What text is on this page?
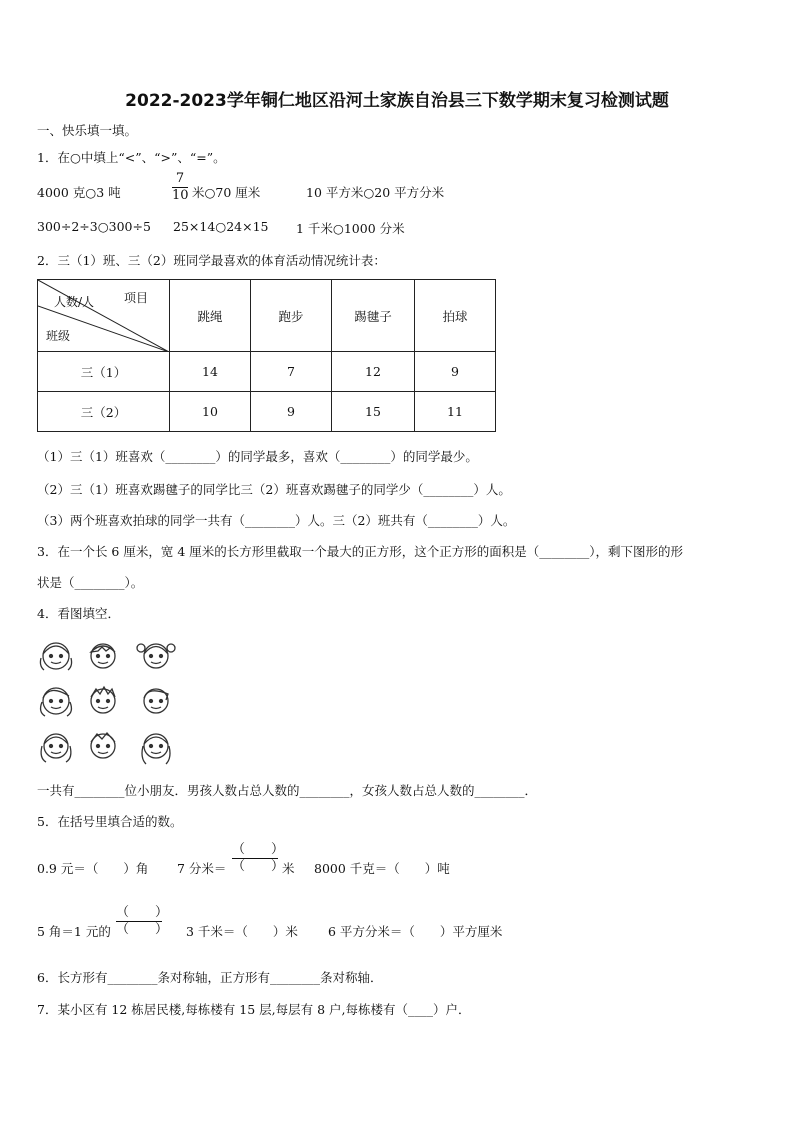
2022-2023学年铜仁地区沿河土家族自治县三下数学期末复习检测试题
一、快乐填一填。
1．在○中填上“<”、“>”、“=”。
4000 克○3 吨
7
10 米○70 厘米	10 平方米○20 平方分米
300÷2÷3○300÷5 25×14○24×15 1 千米○1000 分米
2．三（1）班、三（2）班同学最喜欢的体育活动情况统计表：
人数/人 项目
班级	跳绳	跑步	踢毽子	拍球
三（1）	14	7	12	9
三（2）	10	9	15	11
（1）三（1）班喜欢（________）的同学最多，喜欢（________）的同学最少。
（2）三（1）班喜欢踢毽子的同学比三（2）班喜欢踢毽子的同学少（________）人。
（3）两个班喜欢拍球的同学一共有（________）人。三（2）班共有（________）人。
3．在一个长 6 厘米，宽 4 厘米的长方形里截取一个最大的正方形，这个正方形的面积是（________），剩下图形的形
状是（________）。
4．看图填空．
一共有________位小朋友．男孩人数占总人数的________，女孩人数占总人数的________．
5．在括号里填合适的数。
0.9 元＝（　　）角 7 分米＝
（　　）
（　　）
米 8000 千克＝（　　）吨
5 角＝1 元的
（　　）
（　　） 3 千米＝（　　）米 6 平方分米＝（　　）平方厘米
6．长方形有________条对称轴，正方形有________条对称轴．
7．某小区有 12 栋居民楼,每栋楼有 15 层,每层有 8 户,每栋楼有（____）户．
